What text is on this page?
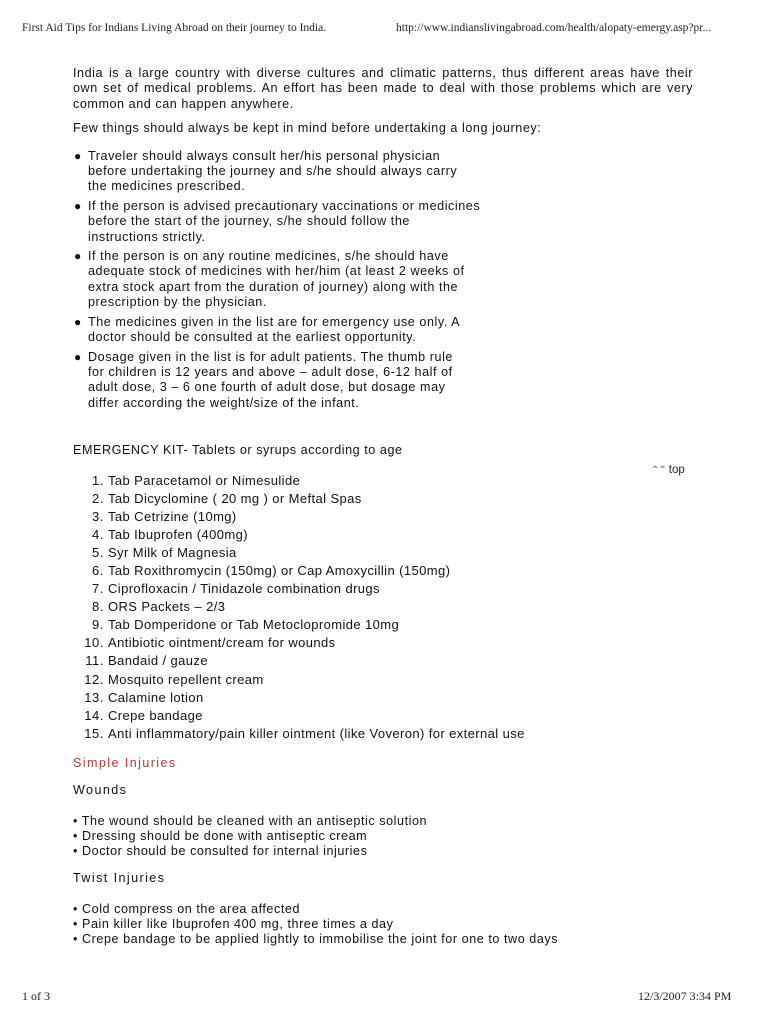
First Aid Tips for Indians Living Abroad on their journey to India.	http://www.indianslivingabroad.com/health/alopaty-emergy.asp?pr...

India is a large country with diverse cultures and climatic patterns, thus different areas have their own set of medical problems. An effort has been made to deal with those problems which are very common and can happen anywhere.

Few things should always be kept in mind before undertaking a long journey:

● Traveler should always consult her/his personal physician
before undertaking the journey and s/he should always carry
the medicines prescribed.
● If the person is advised precautionary vaccinations or medicines
before the start of the journey, s/he should follow the
instructions strictly.
● If the person is on any routine medicines, s/he should have
adequate stock of medicines with her/him (at least 2 weeks of
extra stock apart from the duration of journey) along with the
prescription by the physician.
● The medicines given in the list are for emergency use only. A
doctor should be consulted at the earliest opportunity.
● Dosage given in the list is for adult patients. The thumb rule
for children is 12 years and above – adult dose, 6-12 half of
adult dose, 3 – 6 one fourth of adult dose, but dosage may
differ according the weight/size of the infant.

EMERGENCY KIT- Tablets or syrups according to age

1. Tab Paracetamol or Nimesulide
2. Tab Dicyclomine ( 20 mg ) or Meftal Spas
3. Tab Cetrizine (10mg)
4. Tab Ibuprofen (400mg)
5. Syr Milk of Magnesia
6. Tab Roxithromycin (150mg) or Cap Amoxycillin (150mg)
7. Ciprofloxacin / Tinidazole combination drugs
8. ORS Packets – 2/3
9. Tab Domperidone or Tab Metoclopromide 10mg
10. Antibiotic ointment/cream for wounds
11. Bandaid / gauze
12. Mosquito repellent cream
13. Calamine lotion
14. Crepe bandage
15. Anti inflammatory/pain killer ointment (like Voveron) for external use

Simple Injuries

Wounds

• The wound should be cleaned with an antiseptic solution
• Dressing should be done with antiseptic cream
• Doctor should be consulted for internal injuries

Twist Injuries

• Cold compress on the area affected
• Pain killer like Ibuprofen 400 mg, three times a day
• Crepe bandage to be applied lightly to immobilise the joint for one to two days
⌃⌃ top
1 of 3	12/3/2007 3:34 PM
